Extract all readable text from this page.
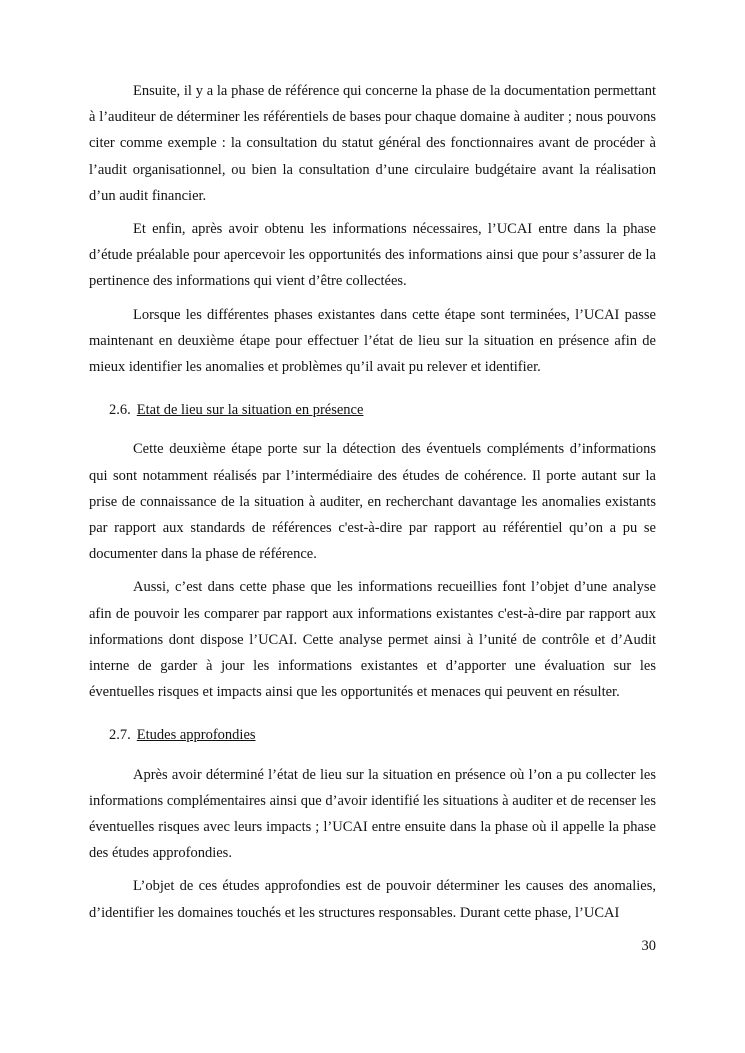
Ensuite, il y a la phase de référence qui concerne la phase de la documentation permettant à l’auditeur de déterminer les référentiels de bases pour chaque domaine à auditer ; nous pouvons citer comme exemple : la consultation du statut général des fonctionnaires avant de procéder à l’audit organisationnel, ou bien la consultation d’une circulaire budgétaire avant la réalisation d’un audit financier.

Et enfin, après avoir obtenu les informations nécessaires, l’UCAI entre dans la phase d’étude préalable pour apercevoir les opportunités des informations ainsi que pour s’assurer de la pertinence des informations qui vient d’être collectées.

Lorsque les différentes phases existantes dans cette étape sont terminées, l’UCAI passe maintenant en deuxième étape pour effectuer l’état de lieu sur la situation en présence afin de mieux identifier les anomalies et problèmes qu’il avait pu relever et identifier.

2.6. Etat de lieu sur la situation en présence

Cette deuxième étape porte sur la détection des éventuels compléments d’informations qui sont notamment réalisés par l’intermédiaire des études de cohérence. Il porte autant sur la prise de connaissance de la situation à auditer, en recherchant davantage les anomalies existants par rapport aux standards de références c'est-à-dire par rapport au référentiel qu’on a pu se documenter dans la phase de référence.

Aussi, c’est dans cette phase que les informations recueillies font l’objet d’une analyse afin de pouvoir les comparer par rapport aux informations existantes c'est-à-dire par rapport aux informations dont dispose l’UCAI. Cette analyse permet ainsi à l’unité de contrôle et d’Audit interne de garder à jour les informations existantes et d’apporter une évaluation sur les éventuelles risques et impacts ainsi que les opportunités et menaces qui peuvent en résulter.

2.7. Etudes approfondies

Après avoir déterminé l’état de lieu sur la situation en présence où l’on a pu collecter les informations complémentaires ainsi que d’avoir identifié les situations à auditer et de recenser les éventuelles risques avec leurs impacts ; l’UCAI entre ensuite dans la phase où il appelle la phase des études approfondies.

L’objet de ces études approfondies est de pouvoir déterminer les causes des anomalies, d’identifier les domaines touchés et les structures responsables. Durant cette phase, l’UCAI

30
